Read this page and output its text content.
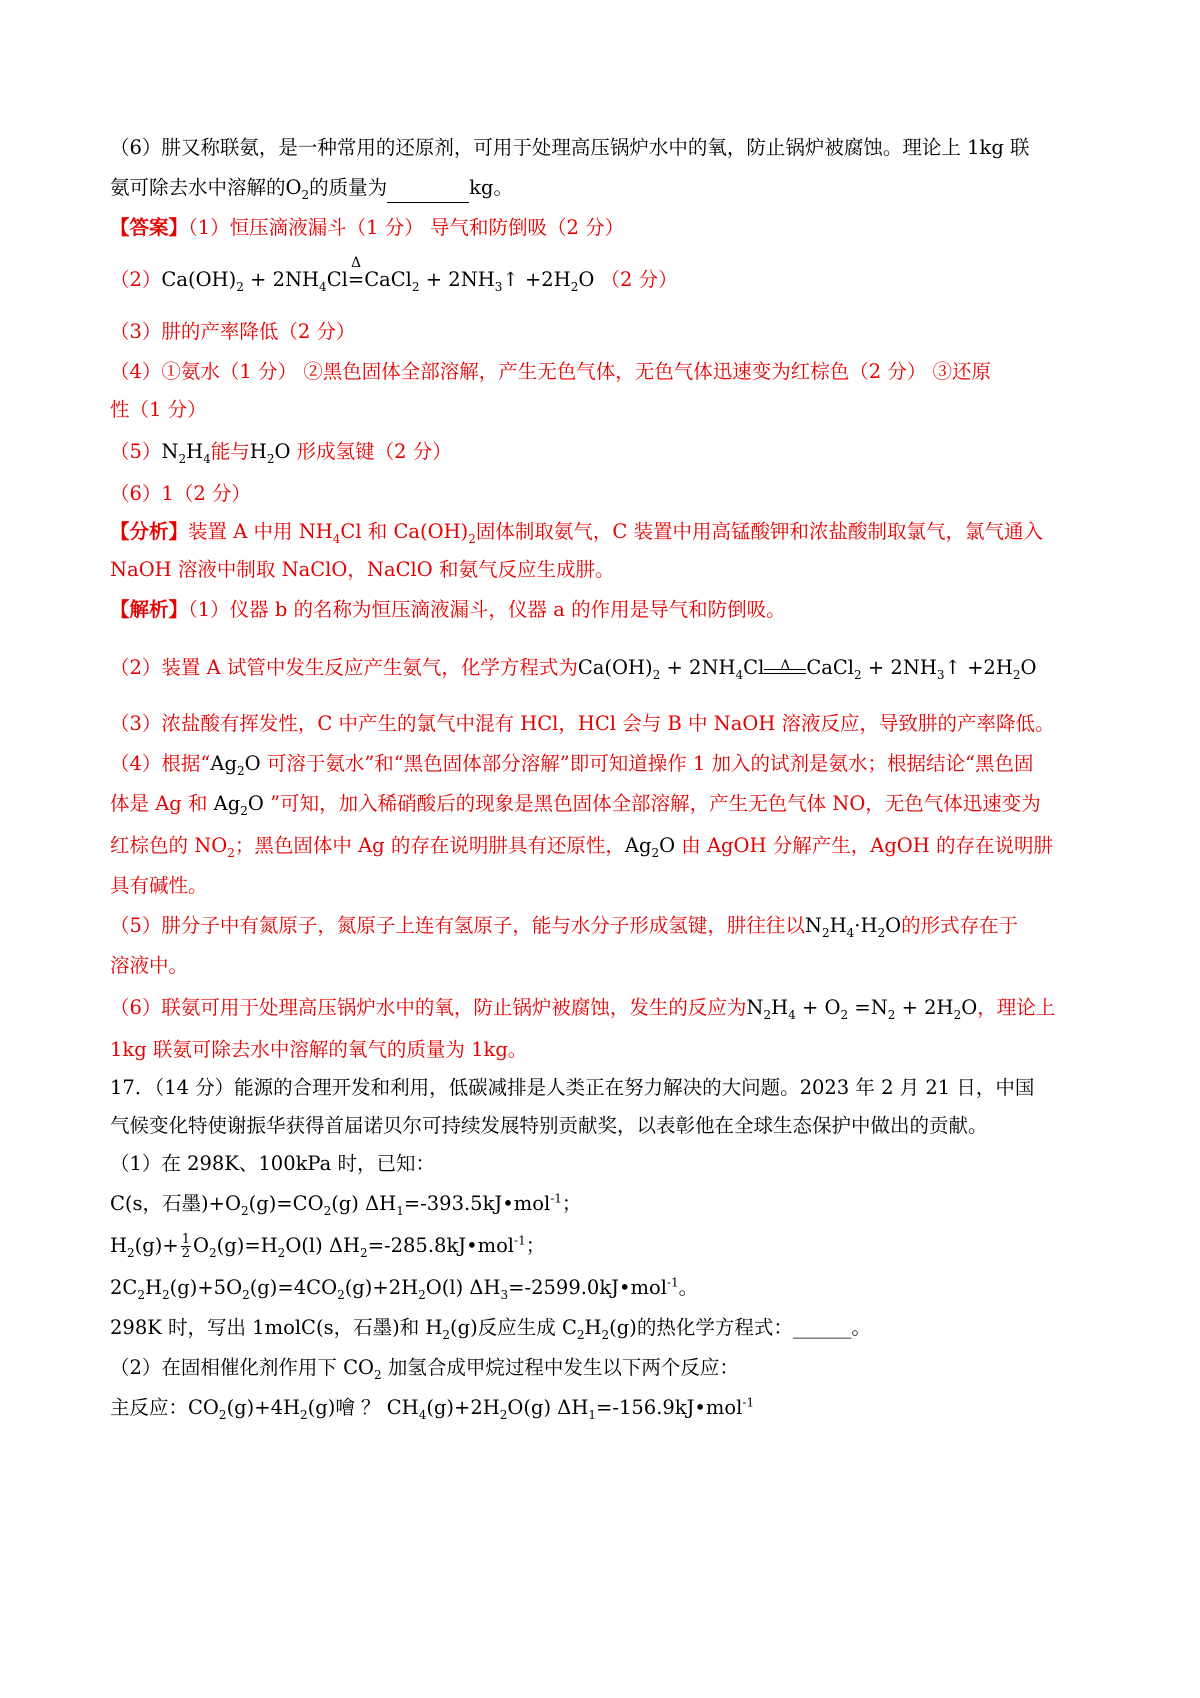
（6）肼又称联氨，是一种常用的还原剂，可用于处理高压锅炉水中的氧，防止锅炉被腐蚀。理论上 1kg 联
氨可除去水中溶解的$O_2$的质量为	kg。
【答案】（1）恒压滴液漏斗（1 分） 导气和防倒吸（2 分）
$(2)Ca(OH)_2 + 2NH_4Cl$
Δ
=CaCl$_2$ + $2NH_3↑ +2H_2O$ （2 分）
（3）肼的产率降低（2 分）
（4）①氨水（1 分） ②黑色固体全部溶解，产生无色气体，无色气体迅速变为红棕色（2 分） ③还原
性（1 分）
$(5)N_2H_4$能与$H_2O$ 形成氢键（2 分）
（6）1（2 分）
【分析】装置 A 中用 $NH_4Cl$ 和 $Ca(OH)_2$固体制取氨气，C 装置中用高锰酸钾和浓盐酸制取氯气，氯气通入
NaOH 溶液中制取 NaClO，NaClO 和氨气反应生成肼。
【解析】（1）仪器 b 的名称为恒压滴液漏斗，仪器 a 的作用是导气和防倒吸。
（2）装置 A 试管中发生反应产生氨气，化学方程式为$Ca(OH)_2 + 2NH_4Cl$	Δ CaCl$_2$ + $2NH_3↑ +2H_2O$
（3）浓盐酸有挥发性，C 中产生的氯气中混有 HCl，HCl 会与 B 中 NaOH 溶液反应，导致肼的产率降低。
（4）根据“$Ag_2O$ 可溶于氨水”和“黑色固体部分溶解”即可知道操作 1 加入的试剂是氨水；根据结论“黑色固
体是 Ag 和 $Ag_2O$ ”可知，加入稀硝酸后的现象是黑色固体全部溶解，产生无色气体 NO，无色气体迅速变为
红棕色的 $NO_2$；黑色固体中 Ag 的存在说明肼具有还原性，$Ag_2O$ 由 AgOH 分解产生，AgOH 的存在说明肼
具有碱性。
（5）肼分子中有氮原子，氮原子上连有氢原子，能与水分子形成氢键，肼往往以$N_2H_4\cdot H_2O$的形式存在于
溶液中。
（6）联氨可用于处理高压锅炉水中的氧，防止锅炉被腐蚀，发生的反应为$N_2H_4 + O_2 =N_2 + 2H_2O$，理论上
1kg 联氨可除去水中溶解的氧气的质量为 1kg。
17．（14 分）能源的合理开发和利用，低碳减排是人类正在努力解决的大问题。2023 年 2 月 21 日，中国
气候变化特使谢振华获得首届诺贝尔可持续发展特别贡献奖，以表彰他在全球生态保护中做出的贡献。
（1）在 298K、100kPa 时，已知：
C(s，石墨)$+O_2(g)=CO_2(g)$ $\Delta H_1=-393.5kJ•mol^{-1}$；
$H_2(g)+ \frac{1}{2} O_2(g)=H_2O(l)$ $\Delta H_2=-285.8kJ•mol^{-1}$；
$2C_2H_2(g)+5O_2(g)=4CO_2(g)+2H_2O(l)$ $\Delta H_3=-2599.0kJ•mol^{-1}$。
298K 时，写出 1molC(s，石墨)和 $H_2(g)$反应生成 $C_2H_2(g)$的热化学方程式：______。
（2）在固相催化剂作用下 $CO_2$ 加氢合成甲烷过程中发生以下两个反应：
主反应：$CO_2(g)+4H_2(g)$噲 ？ $CH_4(g)+2H_2O(g)$ $\Delta H_1=-156.9kJ•mol^{-1}$
